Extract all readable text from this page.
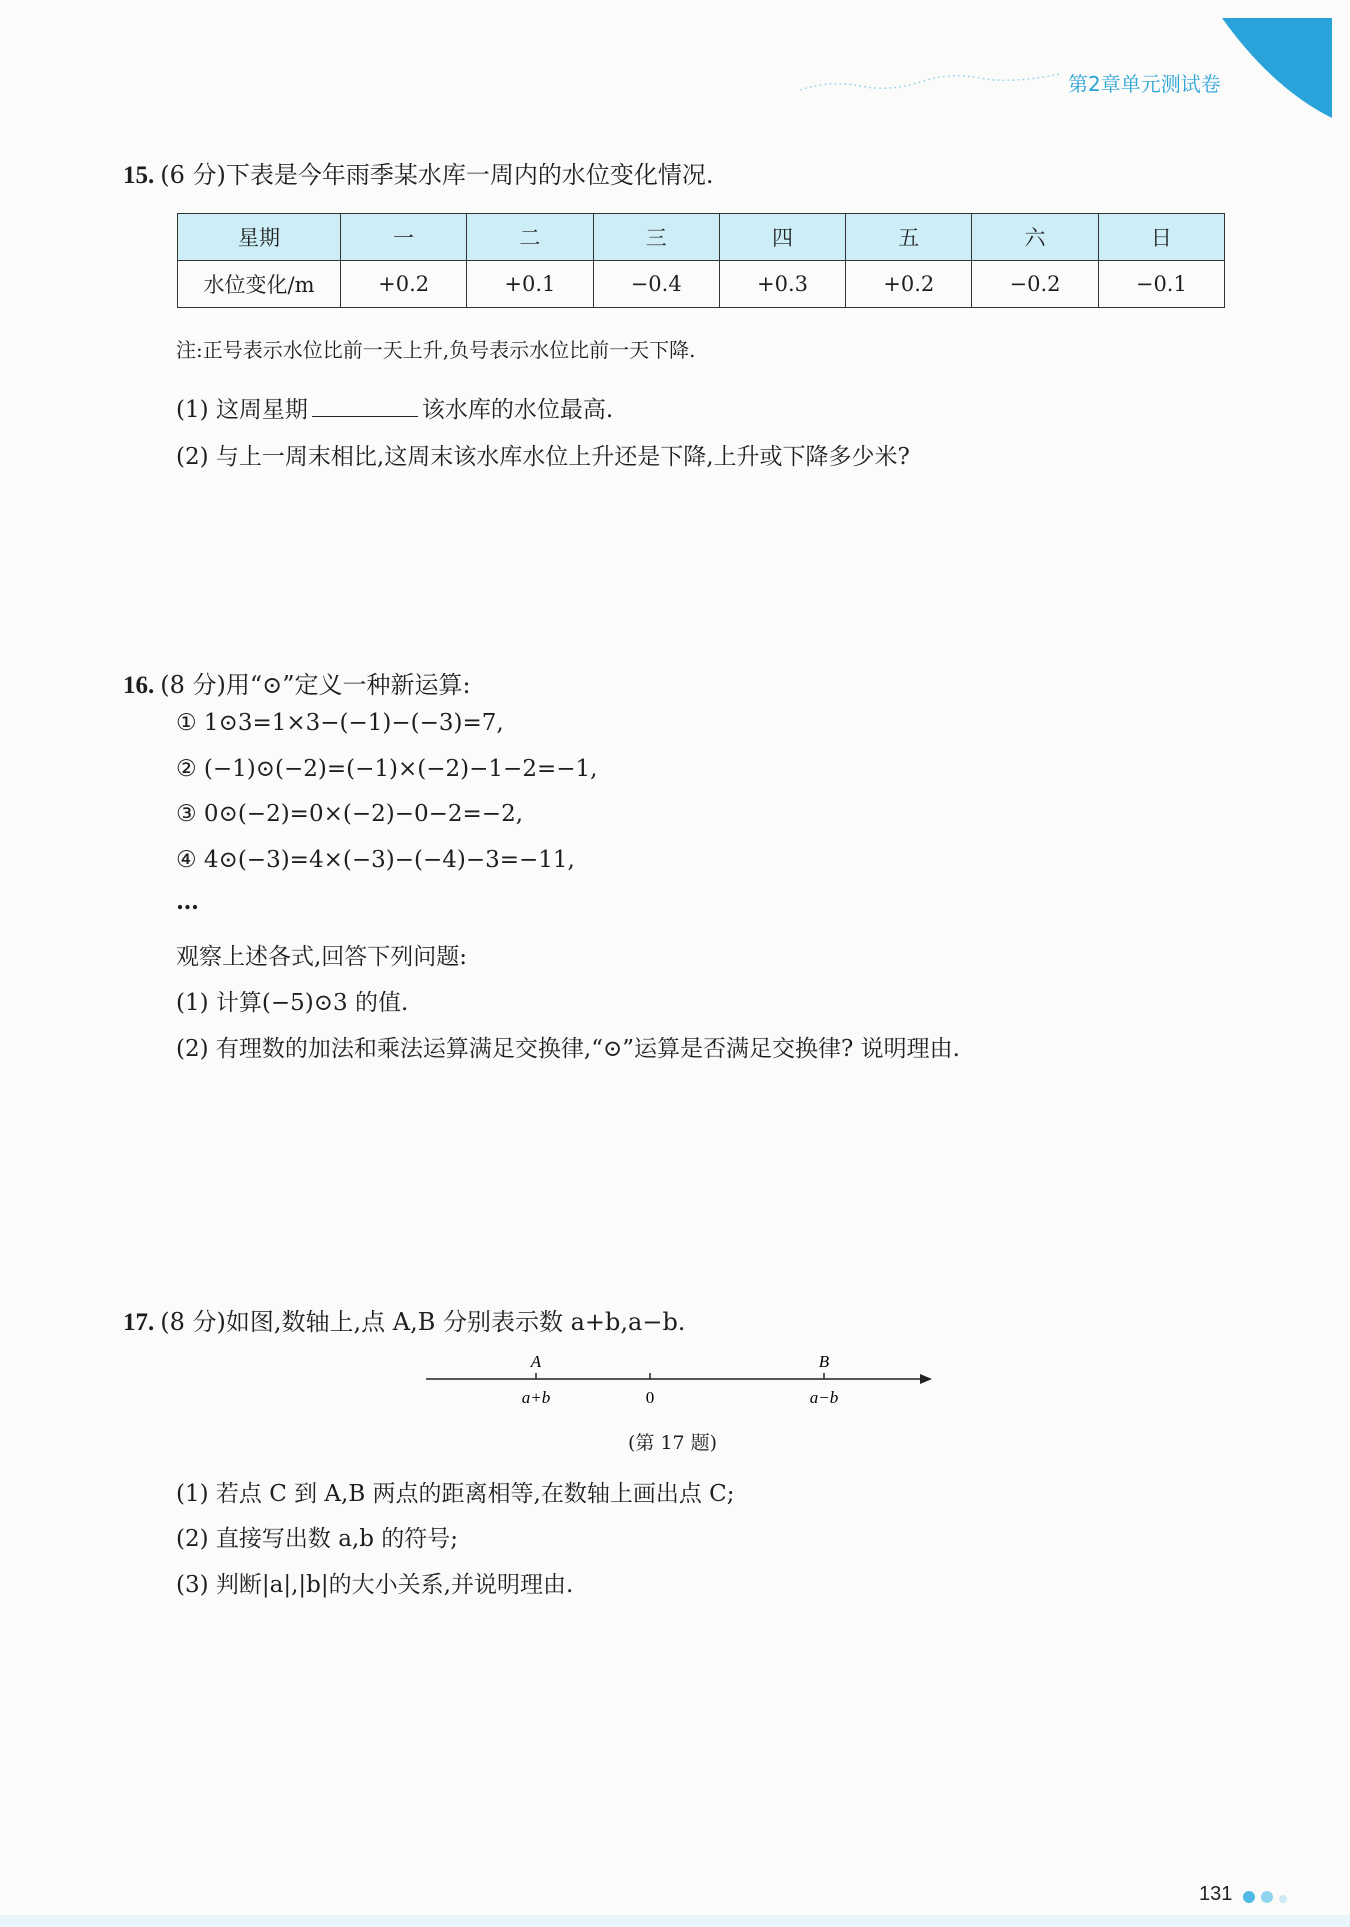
第2章单元测试卷
15. (6 分)下表是今年雨季某水库一周内的水位变化情况.
星期	一	二	三	四	五	六	日
水位变化/m	+0.2	+0.1	−0.4	+0.3	+0.2	−0.2	−0.1
注:正号表示水位比前一天上升,负号表示水位比前一天下降.
(1) 这周星期	该水库的水位最高.
(2) 与上一周末相比,这周末该水库水位上升还是下降,上升或下降多少米?
16. (8 分)用“⊙”定义一种新运算:
① 1⊙3=1×3−(−1)−(−3)=7,
② (−1)⊙(−2)=(−1)×(−2)−1−2=−1,
③ 0⊙(−2)=0×(−2)−0−2=−2,
④ 4⊙(−3)=4×(−3)−(−4)−3=−11,
…
观察上述各式,回答下列问题:
(1) 计算(−5)⊙3 的值.
(2) 有理数的加法和乘法运算满足交换律,“⊙”运算是否满足交换律? 说明理由.
17. (8 分)如图,数轴上,点 A,B 分别表示数 a+b,a−b.
A	B
a+b	0	a−b
(第 17 题)
(1) 若点 C 到 A,B 两点的距离相等,在数轴上画出点 C;
(2) 直接写出数 a,b 的符号;
(3) 判断|a|,|b|的大小关系,并说明理由.
131
